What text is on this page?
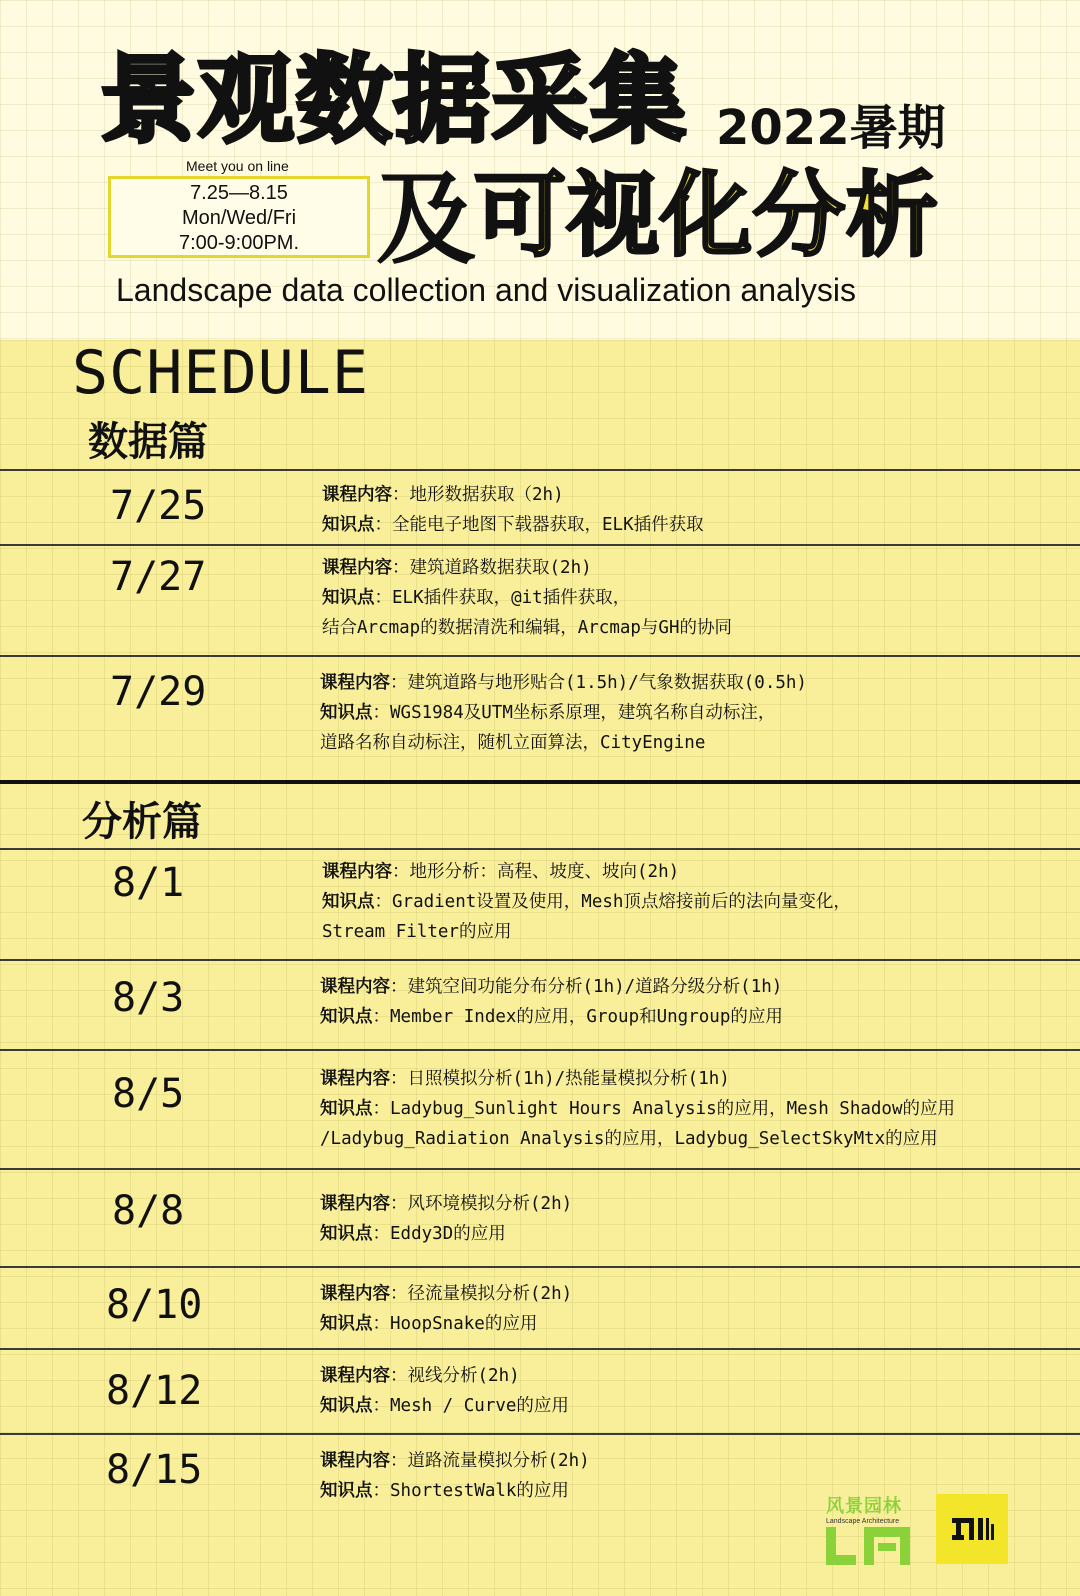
景观数据采集 2022暑期
Meet you on line
7.25—8.15
Mon/Wed/Fri
7:00-9:00PM. 及
可视化分析
Landscape data collection and visualization analysis
SCHEDULE
数据篇
7/25	课程内容：地形数据获取（2h)
知识点：全能电子地图下载器获取，ELK插件获取
7/27	课程内容：建筑道路数据获取(2h)
知识点：ELK插件获取，@it插件获取，
结合Arcmap的数据清洗和编辑，Arcmap与GH的协同
7/29	课程内容：建筑道路与地形贴合(1.5h)/气象数据获取(0.5h)
知识点：WGS1984及UTM坐标系原理，建筑名称自动标注，
道路名称自动标注，随机立面算法，CityEngine
分析篇
8/1	课程内容：地形分析：高程、坡度、坡向(2h)
知识点：Gradient设置及使用，Mesh顶点熔接前后的法向量变化，
Stream Filter的应用
8/3	课程内容：建筑空间功能分布分析(1h)/道路分级分析(1h)
知识点：Member Index的应用，Group和Ungroup的应用
8/5	课程内容：日照模拟分析(1h)/热能量模拟分析(1h)
知识点：Ladybug_Sunlight Hours Analysis的应用，Mesh Shadow的应用
/Ladybug_Radiation Analysis的应用，Ladybug_SelectSkyMtx的应用
8/8	课程内容：风环境模拟分析(2h)
知识点：Eddy3D的应用
8/10	课程内容：径流量模拟分析(2h)
知识点：HoopSnake的应用
8/12	课程内容：视线分析(2h)
知识点：Mesh / Curve的应用
8/15	课程内容：道路流量模拟分析(2h)
知识点：ShortestWalk的应用
风景园林
Landscape Architecture
